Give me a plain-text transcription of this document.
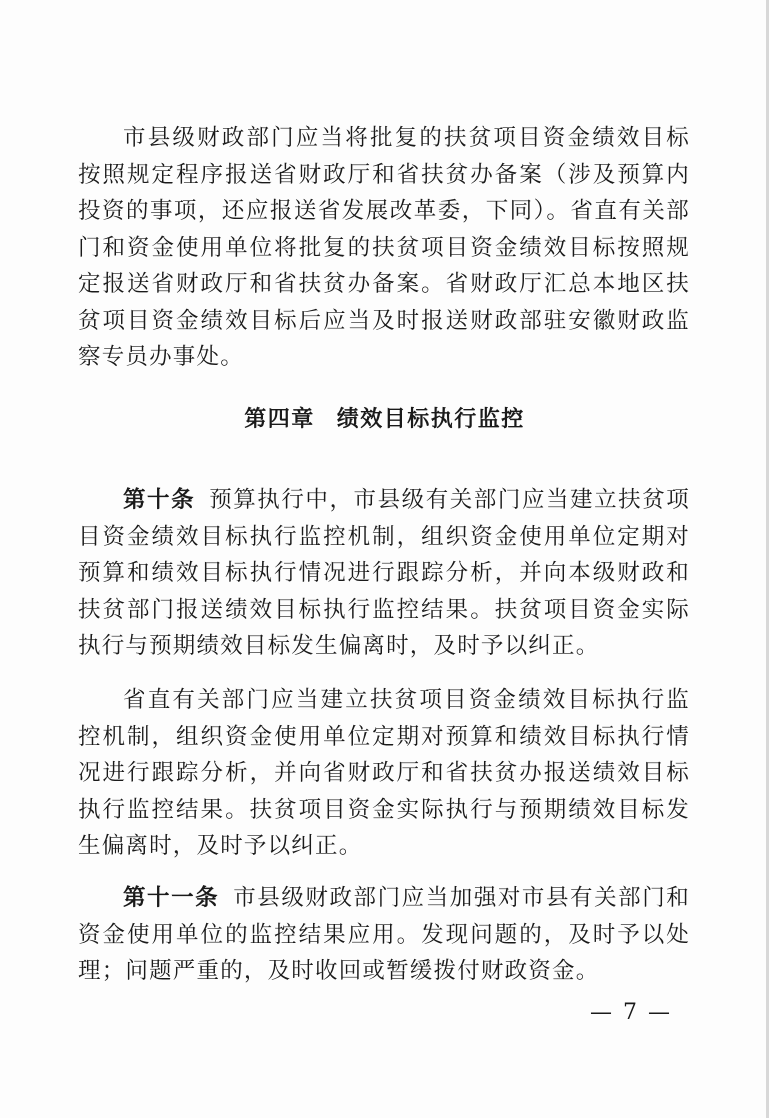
市县级财政部门应当将批复的扶贫项目资金绩效目标按照规定程序报送省财政厅和省扶贫办备案（涉及预算内投资的事项，还应报送省发展改革委，下同）。省直有关部门和资金使用单位将批复的扶贫项目资金绩效目标按照规定报送省财政厅和省扶贫办备案。省财政厅汇总本地区扶贫项目资金绩效目标后应当及时报送财政部驻安徽财政监察专员办事处。

第四章 绩效目标执行监控

第十条 预算执行中，市县级有关部门应当建立扶贫项目资金绩效目标执行监控机制，组织资金使用单位定期对预算和绩效目标执行情况进行跟踪分析，并向本级财政和扶贫部门报送绩效目标执行监控结果。扶贫项目资金实际执行与预期绩效目标发生偏离时，及时予以纠正。

省直有关部门应当建立扶贫项目资金绩效目标执行监控机制，组织资金使用单位定期对预算和绩效目标执行情况进行跟踪分析，并向省财政厅和省扶贫办报送绩效目标执行监控结果。扶贫项目资金实际执行与预期绩效目标发生偏离时，及时予以纠正。

第十一条 市县级财政部门应当加强对市县有关部门和资金使用单位的监控结果应用。发现问题的，及时予以处理；问题严重的，及时收回或暂缓拨付财政资金。

— 7 —
